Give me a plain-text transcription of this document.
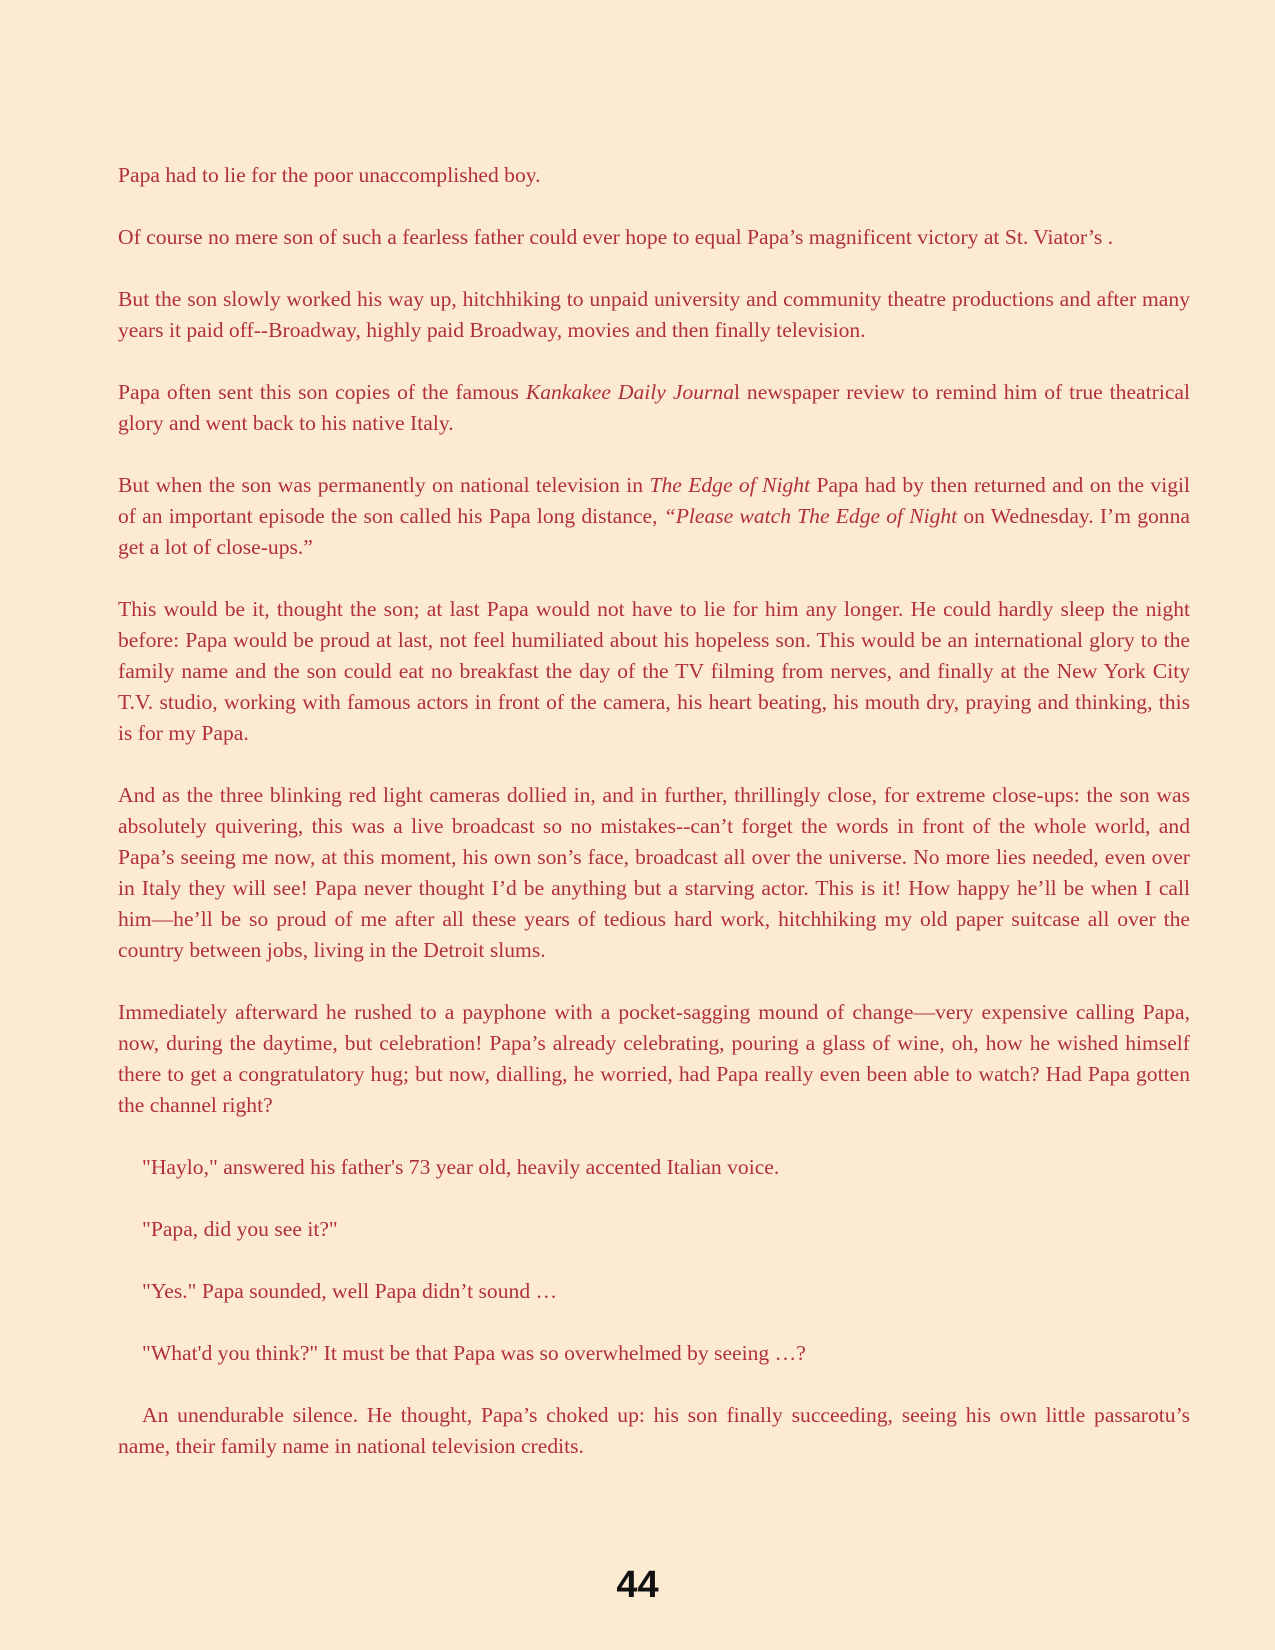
Papa had to lie for the poor unaccomplished boy.

Of course no mere son of such a fearless father could ever hope to equal Papa’s magnificent victory at St. Viator’s .

But the son slowly worked his way up, hitchhiking to unpaid university and community theatre productions and after many years it paid off--Broadway, highly paid Broadway, movies and then finally television.

Papa often sent this son copies of the famous Kankakee Daily Journal newspaper review to remind him of true theatrical glory and went back to his native Italy.

But when the son was permanently on national television in The Edge of Night Papa had by then returned and on the vigil of an important episode the son called his Papa long distance, “Please watch The Edge of Night on Wednesday. I’m gonna get a lot of close-ups.”

This would be it, thought the son; at last Papa would not have to lie for him any longer. He could hardly sleep the night before: Papa would be proud at last, not feel humiliated about his hopeless son. This would be an international glory to the family name and the son could eat no breakfast the day of the TV filming from nerves, and finally at the New York City T.V. studio, working with famous actors in front of the camera, his heart beating, his mouth dry, praying and thinking, this is for my Papa.

And as the three blinking red light cameras dollied in, and in further, thrillingly close, for extreme close-ups: the son was absolutely quivering, this was a live broadcast so no mistakes--can’t forget the words in front of the whole world, and Papa’s seeing me now, at this moment, his own son’s face, broadcast all over the universe. No more lies needed, even over in Italy they will see! Papa never thought I’d be anything but a starving actor. This is it! How happy he’ll be when I call him—he’ll be so proud of me after all these years of tedious hard work, hitchhiking my old paper suitcase all over the country between jobs, living in the Detroit slums.

Immediately afterward he rushed to a payphone with a pocket-sagging mound of change—very expensive calling Papa, now, during the daytime, but celebration! Papa’s already celebrating, pouring a glass of wine, oh, how he wished himself there to get a congratulatory hug; but now, dialling, he worried, had Papa really even been able to watch? Had Papa gotten the channel right?

"Haylo," answered his father's 73 year old, heavily accented Italian voice.

"Papa, did you see it?"

"Yes." Papa sounded, well Papa didn’t sound …

"What'd you think?" It must be that Papa was so overwhelmed by seeing …?

An unendurable silence. He thought, Papa’s choked up: his son finally succeeding, seeing his own little passarotu’s name, their family name in national television credits.

44
